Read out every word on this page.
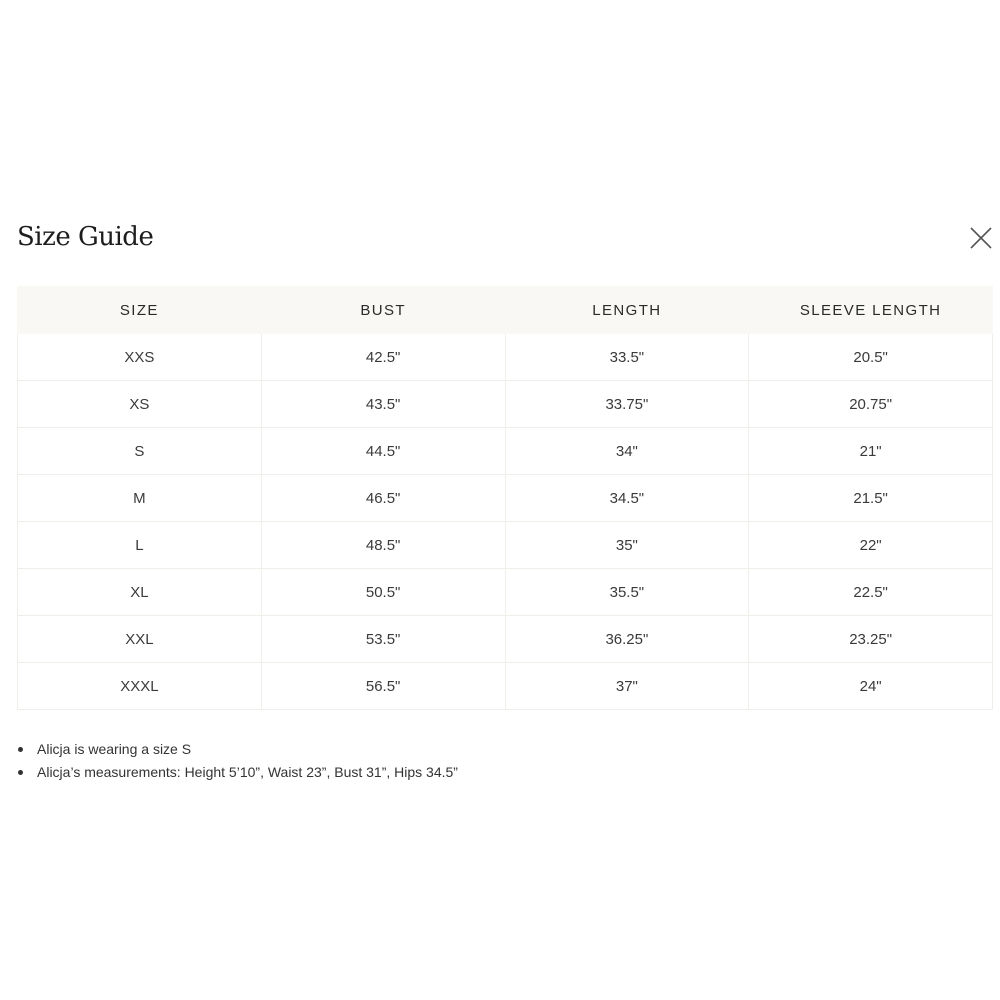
Size Guide
SIZE	BUST	LENGTH	SLEEVE LENGTH
XXS	42.5"	33.5"	20.5"
XS	43.5"	33.75"	20.75"
S	44.5"	34"	21"
M	46.5"	34.5"	21.5"
L	48.5"	35"	22"
XL	50.5"	35.5"	22.5"
XXL	53.5"	36.25"	23.25"
XXXL	56.5"	37"	24"
Alicja is wearing a size S
Alicja’s measurements: Height 5’10”, Waist 23”, Bust 31”, Hips 34.5”
